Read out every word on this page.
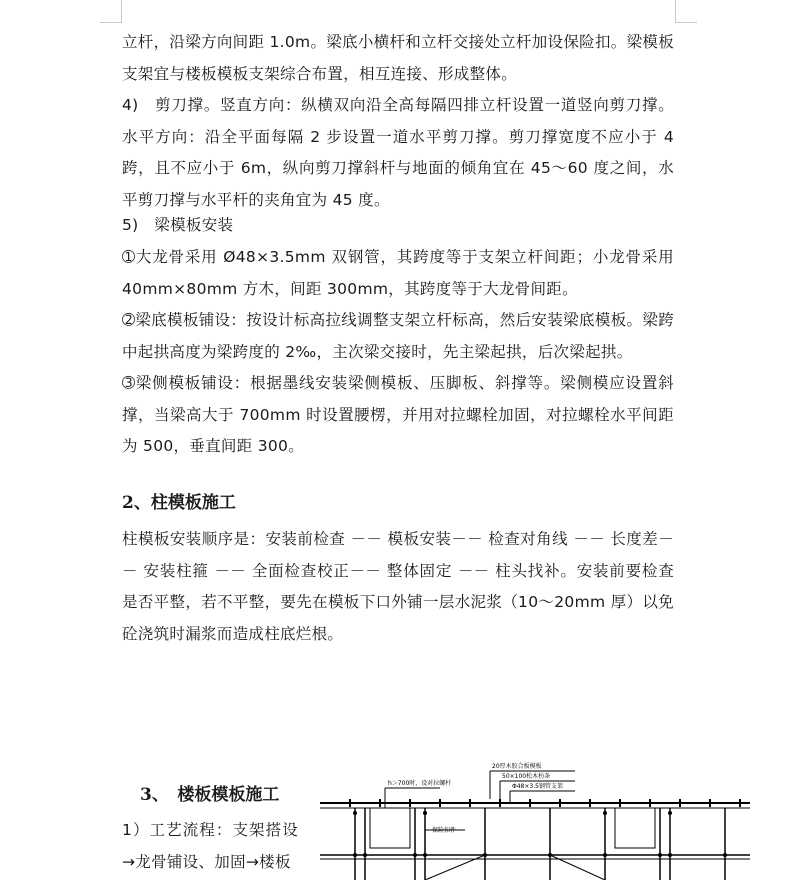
立杆，沿梁方向间距 1.0m。梁底小横杆和立杆交接处立杆加设保险扣。梁模板支架宜与楼板模板支架综合布置，相互连接、形成整体。

4)　剪刀撑。竖直方向：纵横双向沿全高每隔四排立杆设置一道竖向剪刀撑。水平方向：沿全平面每隔 2 步设置一道水平剪刀撑。剪刀撑宽度不应小于 4 跨，且不应小于 6m，纵向剪刀撑斜杆与地面的倾角宜在 45～60 度之间，水平剪刀撑与水平杆的夹角宜为 45 度。

5)　梁模板安装

➀大龙骨采用 Ø48×3.5mm 双钢管，其跨度等于支架立杆间距；小龙骨采用 40mm×80mm 方木，间距 300mm，其跨度等于大龙骨间距。

➁梁底模板铺设：按设计标高拉线调整支架立杆标高，然后安装梁底模板。梁跨中起拱高度为梁跨度的 2‰，主次梁交接时，先主梁起拱，后次梁起拱。

➂梁侧模板铺设：根据墨线安装梁侧模板、压脚板、斜撑等。梁侧模应设置斜撑，当梁高大于 700mm 时设置腰楞，并用对拉螺栓加固，对拉螺栓水平间距为 500，垂直间距 300。

2、柱模板施工

柱模板安装顺序是：安装前检查 －－ 模板安装－－ 检查对角线 －－ 长度差－－ 安装柱箍 －－ 全面检查校正－－ 整体固定 －－ 柱头找补。安装前要检查是否平整，若不平整，要先在模板下口外铺一层水泥浆（10～20mm 厚）以免砼浇筑时漏浆而造成柱底烂根。

3、　楼板模板施工

1）工艺流程：支架搭设→龙骨铺设、加固→楼板

20厚木胶合板模板
50×100松木枋条
Φ48×3.5钢管支架
h＞700时，设对拉螺杆
保险扣件
